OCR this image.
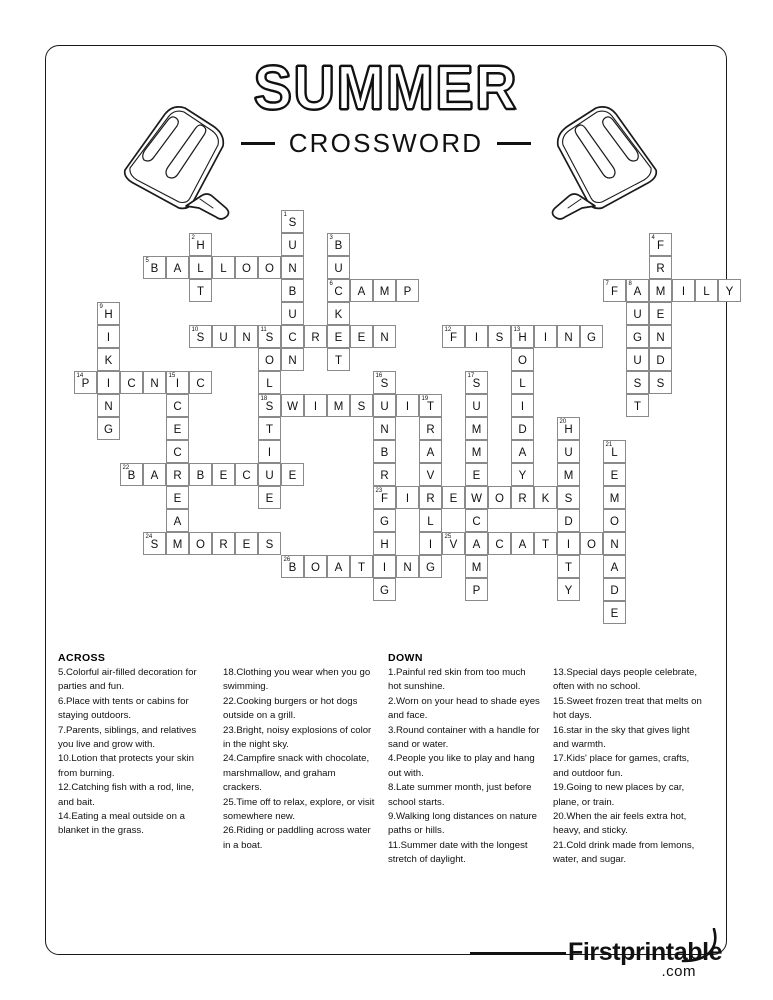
SUMMER
CROSSWORD
1
S
U
2
H
3
B
4
F
5
B	A	L	L	O	O	N	U	R
T	B
6
C	A	M	P
7
F
8
A	M	I	L	Y
9
H	U	K	U	E
I
10
S	U	N
11
S	C	R	E	E	N
12
F	I	S
13
H	I	N	G	G	N
K	O	N	T	O	U	D
14
P	I	C	N
15
I	C	L
16
S
17
S	L	S	S
N	C
18
S	W	I	M	S	U	I
19
T	U	I	T
G	E	T	N	R	M	D
20
H
C	I	B	A	M	A	U
21
L
22
B	A	R	B	E	C	U	E	R	V	E	Y	M	E
E	E
23
F	I	R	E	W	O	R	K	S	M
A	G	L	C	D	O
24
S	M	O	R	E	S	H	I
25
V	A	C	A	T	I	O	N
26
B	O	A	T	I	N	G	M	T	A
G	P	Y	D
E
ACROSS

5.Colorful air-filled decoration for parties and fun.

6.Place with tents or cabins for staying outdoors.

7.Parents, siblings, and relatives you live and grow with.

10.Lotion that protects your skin from burning.

12.Catching fish with a rod, line, and bait.

14.Eating a meal outside on a blanket in the grass.

18.Clothing you wear when you go swimming.

22.Cooking burgers or hot dogs outside on a grill.

23.Bright, noisy explosions of color in the night sky.

24.Campfire snack with chocolate, marshmallow, and graham crackers.

25.Time off to relax, explore, or visit somewhere new.

26.Riding or paddling across water in a boat.

DOWN

1.Painful red skin from too much hot sunshine.

2.Worn on your head to shade eyes and face.

3.Round container with a handle for sand or water.

4.People you like to play and hang out with.

8.Late summer month, just before school starts.

9.Walking long distances on nature paths or hills.

11.Summer date with the longest stretch of daylight.

13.Special days people celebrate, often with no school.

15.Sweet frozen treat that melts on hot days.

16.star in the sky that gives light and warmth.

17.Kids' place for games, crafts, and outdoor fun.

19.Going to new places by car, plane, or train.

20.When the air feels extra hot, heavy, and sticky.

21.Cold drink made from lemons, water, and sugar.

Firstprintable
.com
